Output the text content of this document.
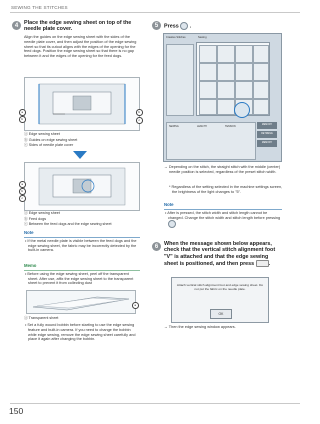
SEWING THE STITCHES
4	Place the edge sewing sheet on top of the needle plate cover.
Align the guides on the edge sewing sheet with the sides of the needle plate cover, and then adjust the position of the edge sewing sheet so that its cutout aligns with the edges of the opening for the feed dogs. Position the edge sewing sheet so that there is no gap between it and the edges of the opening for the feed dogs.
a
b
b
c
ⓐ Edge sewing sheet
ⓑ Guides on edge sewing sheet
ⓒ Sides of needle plate cover
a
b
c
ⓐ Edge sewing sheet
ⓑ Feed dogs
ⓒ Between the feed dogs and the edge sewing sheet
Note
• If the metal needle plate is visible between the feed dogs and the edge sewing sheet, the fabric may be incorrectly detected by the built-in camera.
Memo
• Before using the edge sewing sheet, peel off the transparent sheet. After use, affix the edge sewing sheet to the transparent sheet to prevent it from collecting dust
a
ⓐ Transparent sheet
• Set a fully wound bobbin before starting to use the edge sewing feature and built-in camera. If you need to change the bobbin while edge sewing, remove the edge sewing sheet carefully and place it again after changing the bobbin.
5	Press  .
Creative Stitches	Sewing
SEWING	LENGTH	TENSION	MEMORY
RETRIEVE
MEMORY
→ Depending on the stitch, the straight stitch with the middle (center) needle position is selected, regardless of the preset stitch width.
* Regardless of the setting selected in the machine settings screen, the brightness of the light changes to "5".
Note
• After is pressed, the stitch width and stitch length cannot be changed. Change the stitch width and stitch length before pressing
6	When the message shown below appears, check that the vertical stitch alignment foot "V" is attached and that the edge sewing sheet is positioned, and then press	.
Attach vertical stitch alignment foot and edge sewing sheet. Do not put the fabric on the needle plate.
OK
→ Then the edge sewing window appears.
150
